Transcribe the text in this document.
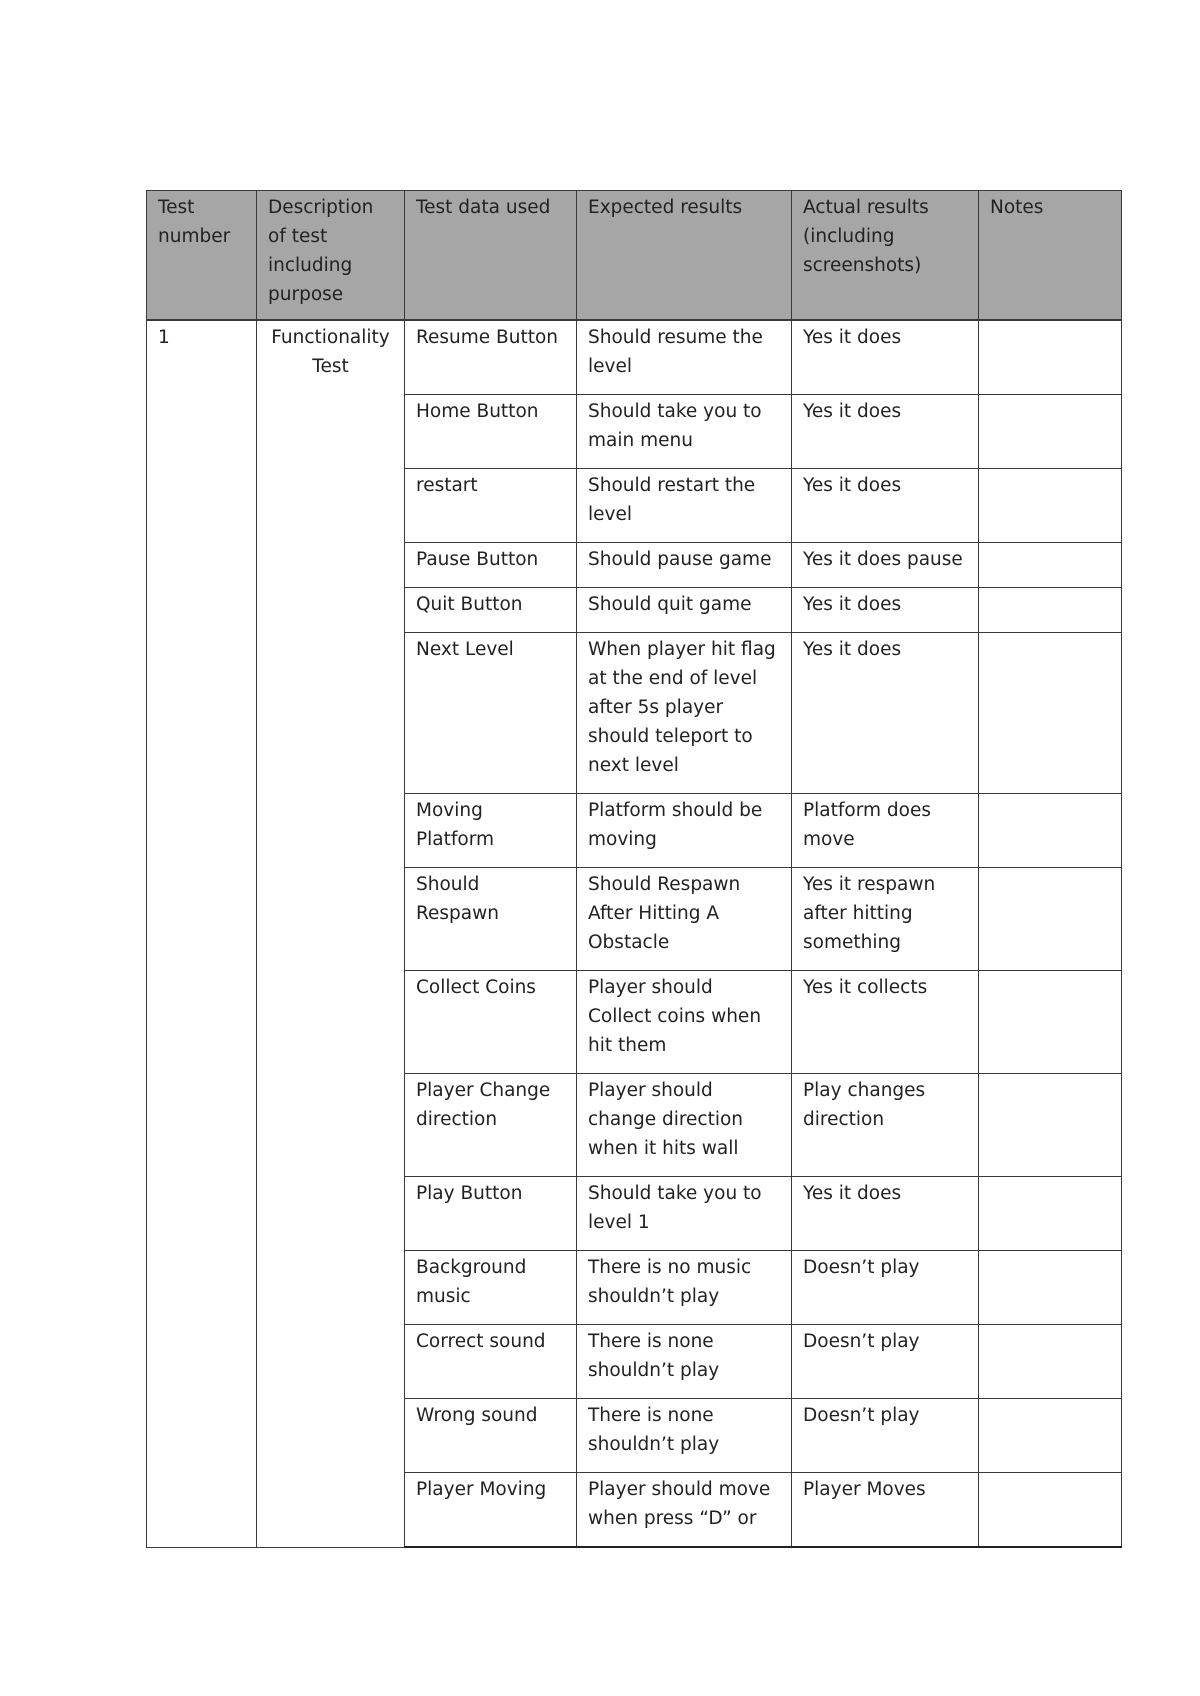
Test number	Description of test including purpose	Test data used	Expected results	Actual results (including screenshots)	Notes
1	Functionality Test	Resume Button	Should resume the level	Yes it does	
		Home Button	Should take you to main menu	Yes it does	
		restart	Should restart the level	Yes it does	
		Pause Button	Should pause game	Yes it does pause	
		Quit Button	Should quit game	Yes it does	
		Next Level	When player hit flag at the end of level after 5s player should teleport to next level	Yes it does	
		Moving Platform	Platform should be moving	Platform does move	
		Should Respawn	Should Respawn After Hitting A Obstacle	Yes it respawn after hitting something	
		Collect Coins	Player should Collect coins when hit them	Yes it collects	
		Player Change direction	Player should change direction when it hits wall	Play changes direction	
		Play Button	Should take you to level 1	Yes it does	
		Background music	There is no music shouldn’t play	Doesn’t play	
		Correct sound	There is none shouldn’t play	Doesn’t play	
		Wrong sound	There is none shouldn’t play	Doesn’t play	
		Player Moving	Player should move when press “D” or	Player Moves	
